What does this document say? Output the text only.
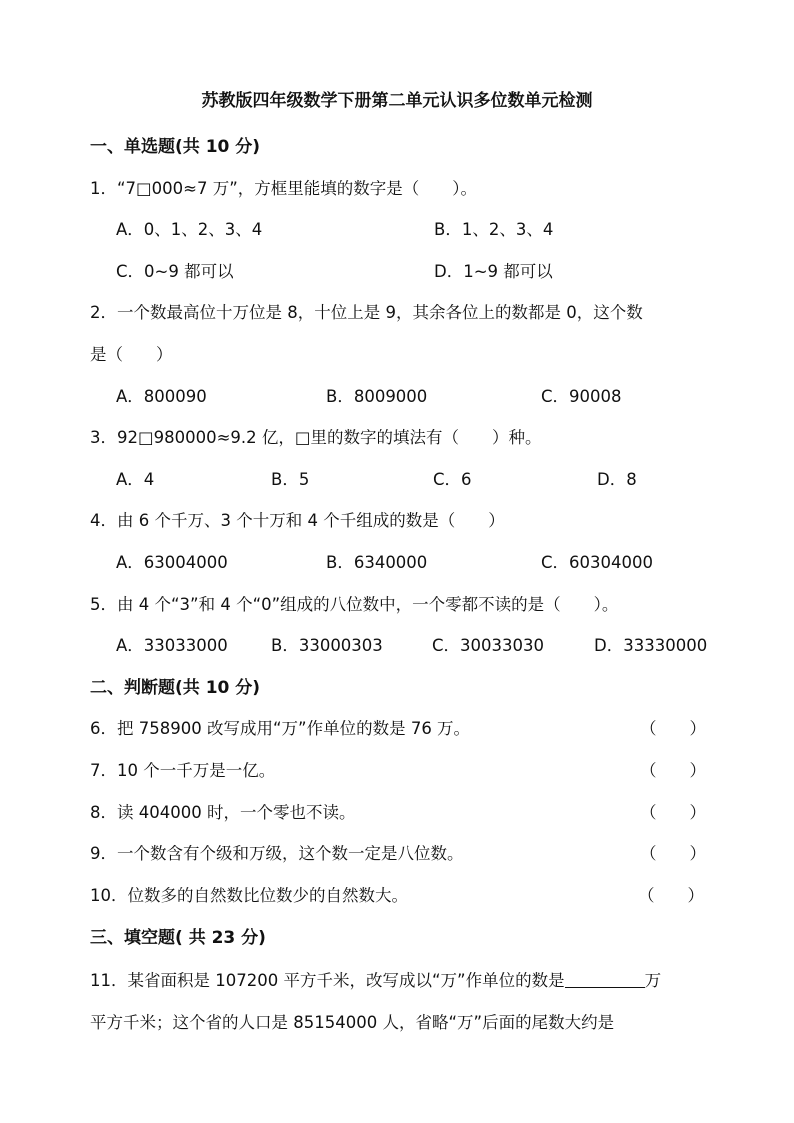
苏教版四年级数学下册第二单元认识多位数单元检测
一、单选题(共 10 分)
1．“7□000≈7 万”，方框里能填的数字是（　　）。
A．0、1、2、3、4	B．1、2、3、4
C．0~9 都可以	D．1~9 都可以
2．一个数最高位十万位是 8，十位上是 9，其余各位上的数都是 0，这个数
是（　　）
A．800090	B．8009000	C．90008
3．92□980000≈9.2 亿，□里的数字的填法有（　　）种。
A．4	B．5	C．6	D．8
4．由 6 个千万、3 个十万和 4 个千组成的数是（　　）
A．63004000	B．6340000	C．60304000
5．由 4 个“3”和 4 个“0”组成的八位数中，一个零都不读的是（　　）。
A．33033000	B．33000303	C．30033030	D．33330000
二、判断题(共 10 分)
6．把 758900 改写成用“万”作单位的数是 76 万。	（　　）
7．10 个一千万是一亿。	（　　）
8．读 404000 时，一个零也不读。	（　　）
9．一个数含有个级和万级，这个数一定是八位数。	（　　）
10．位数多的自然数比位数少的自然数大。	（　　）
三、填空题( 共 23 分)
11．某省面积是 107200 平方千米，改写成以“万”作单位的数是	万
平方千米；这个省的人口是 85154000 人，省略“万”后面的尾数大约是
